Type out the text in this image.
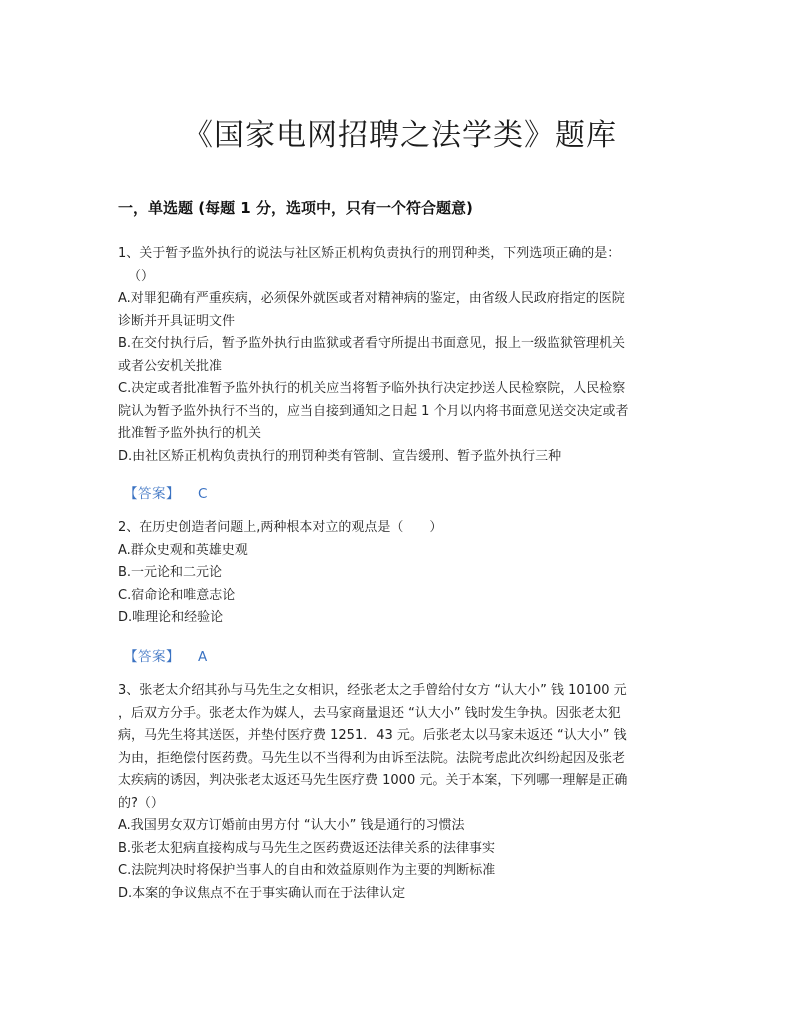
《国家电网招聘之法学类》题库
一，单选题 (每题 1 分，选项中，只有一个符合题意)
1、关于暂予监外执行的说法与社区矫正机构负责执行的刑罚种类，下列选项正确的是：
（）
A.对罪犯确有严重疾病，必须保外就医或者对精神病的鉴定，由省级人民政府指定的医院
诊断并开具证明文件
B.在交付执行后，暂予监外执行由监狱或者看守所提出书面意见，报上一级监狱管理机关
或者公安机关批准
C.决定或者批准暂予监外执行的机关应当将暂予临外执行决定抄送人民检察院，人民检察
院认为暂予监外执行不当的，应当自接到通知之日起 1 个月以内将书面意见送交决定或者
批准暂予监外执行的机关
D.由社区矫正机构负责执行的刑罚种类有管制、宣告缓刑、暂予监外执行三种
【答案】 C
2、在历史创造者问题上,两种根本对立的观点是（　　）
A.群众史观和英雄史观
B.一元论和二元论
C.宿命论和唯意志论
D.唯理论和经验论
【答案】 A
3、张老太介绍其孙与马先生之女相识，经张老太之手曾给付女方 “认大小” 钱 10100 元
，后双方分手。张老太作为媒人，去马家商量退还 “认大小” 钱时发生争执。因张老太犯
病，马先生将其送医，并垫付医疗费 1251．43 元。后张老太以马家未返还 “认大小” 钱
为由，拒绝偿付医药费。马先生以不当得利为由诉至法院。法院考虑此次纠纷起因及张老
太疾病的诱因，判决张老太返还马先生医疗费 1000 元。关于本案，下列哪一理解是正确
的?（）
A.我国男女双方订婚前由男方付 “认大小” 钱是通行的习惯法
B.张老太犯病直接构成与马先生之医药费返还法律关系的法律事实
C.法院判决时将保护当事人的自由和效益原则作为主要的判断标准
D.本案的争议焦点不在于事实确认而在于法律认定
